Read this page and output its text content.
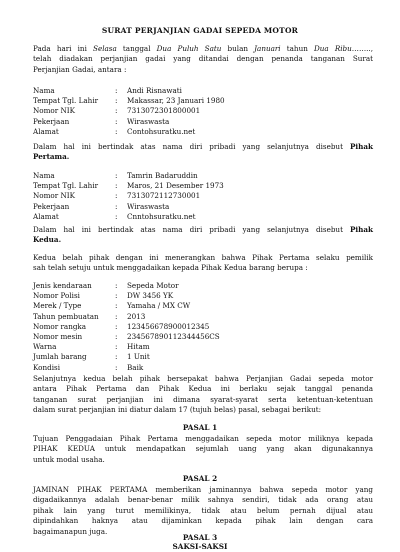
SURAT PERJANJIAN GADAI SEPEDA MOTOR
Pada hari ini Selasa tanggal Dua Puluh Satu bulan Januari tahun Dua Ribu……..,
telah diadakan perjanjian gadai yang ditandai dengan penanda tanganan Surat
Perjanjian Gadai, antara :
Nama	:	Andi Risnawati
Tempat Tgl. Lahir	:	Makassar, 23 Januari 1980
Nomor NIK	:	7313072301800001
Pekerjaan	:	Wiraswasta
Alamat	:	Contohsuratku.net
Dalam hal ini bertindak atas nama diri pribadi yang selanjutnya disebut Pihak
Pertama.
Nama	:	Tamrin Badaruddin
Tempat Tgl. Lahir	:	Maros, 21 Desember 1973
Nomor NIK	:	7313072112730001
Pekerjaan	:	Wiraswasta
Alamat	:	Cnntohsuratku.net
Dalam hal ini bertindak atas nama diri pribadi yang selanjutnya disebut Pihak
Kedua.
Kedua belah pihak dengan ini menerangkan bahwa Pihak Pertama selaku pemilik
sah telah setuju untuk menggadaikan kepada Pihak Kedua barang berupa :
Jenis kendaraan	:	Sepeda Motor
Nomor Polisi	:	DW 3456 YK
Merek / Type	:	Yamaha / MX CW
Tahun pembuatan	:	2013
Nomor rangka	:	123456678900012345
Nomor mesin	:	234567890112344456CS
Warna	:	Hitam
Jumlah barang	:	1 Unit
Kondisi	:	Baik
Selanjutnya kedua belah pihak bersepakat bahwa Perjanjian Gadai sepeda motor
antara Pihak Pertama dan Pihak Kedua ini berlaku sejak tanggal penanda
tanganan surat perjanjian ini dimana syarat-syarat serta ketentuan-ketentuan
dalam surat perjanjian ini diatur dalam 17 (tujuh belas) pasal, sebagai berikut:
PASAL 1
Tujuan Penggadaian Pihak Pertama menggadaikan sepeda motor miliknya kepada
PIHAK KEDUA untuk mendapatkan sejumlah uang yang akan digunakannya
untuk modal usaha.
PASAL 2
JAMINAN PIHAK PERTAMA memberikan jaminannya bahwa sepeda motor yang
digadaikannya adalah benar-benar milik sahnya sendiri, tidak ada orang atau
pihak lain yang turut memilikinya, tidak atau belum pernah dijual atau
dipindahkan haknya atau dijaminkan kepada pihak lain dengan cara
bagaimanapun juga.
PASAL 3
SAKSI-SAKSI
